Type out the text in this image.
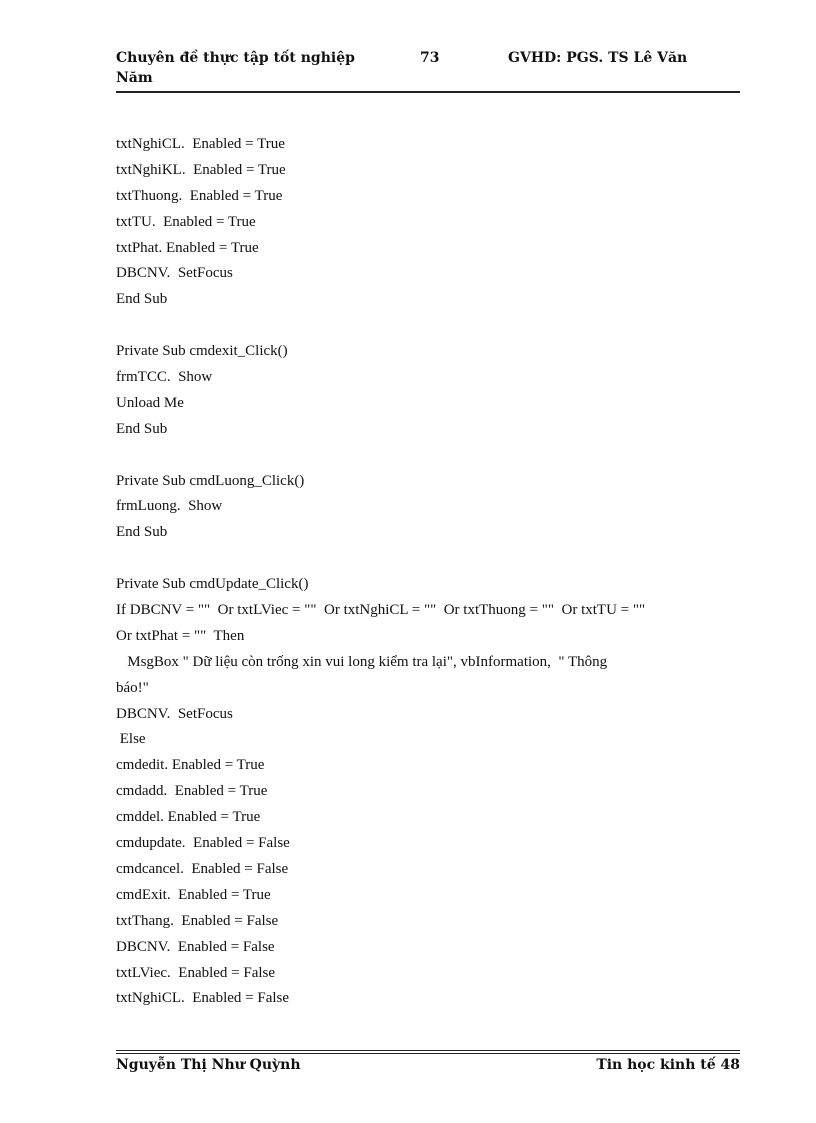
Chuyên đề thực tập tốt nghiệp
Năm
73	GVHD: PGS. TS Lê Văn
txtNghiCL.  Enabled = True
txtNghiKL.  Enabled = True
txtThuong.  Enabled = True
txtTU.  Enabled = True
txtPhat. Enabled = True
DBCNV.  SetFocus
End Sub
Private Sub cmdexit_Click()
frmTCC.  Show
Unload Me
End Sub
Private Sub cmdLuong_Click()
frmLuong.  Show
End Sub
Private Sub cmdUpdate_Click()
If DBCNV = ""  Or txtLViec = ""  Or txtNghiCL = ""  Or txtThuong = ""  Or txtTU = ""
Or txtPhat = ""  Then
MsgBox " Dữ liệu còn trống xin vui long kiểm tra lại", vbInformation,  " Thông
báo!"
DBCNV.  SetFocus
Else
cmdedit. Enabled = True
cmdadd.  Enabled = True
cmddel. Enabled = True
cmdupdate.  Enabled = False
cmdcancel.  Enabled = False
cmdExit.  Enabled = True
txtThang.  Enabled = False
DBCNV.  Enabled = False
txtLViec.  Enabled = False
txtNghiCL.  Enabled = False
Nguyễn Thị Như Quỳnh	Tin học kinh tế 48
